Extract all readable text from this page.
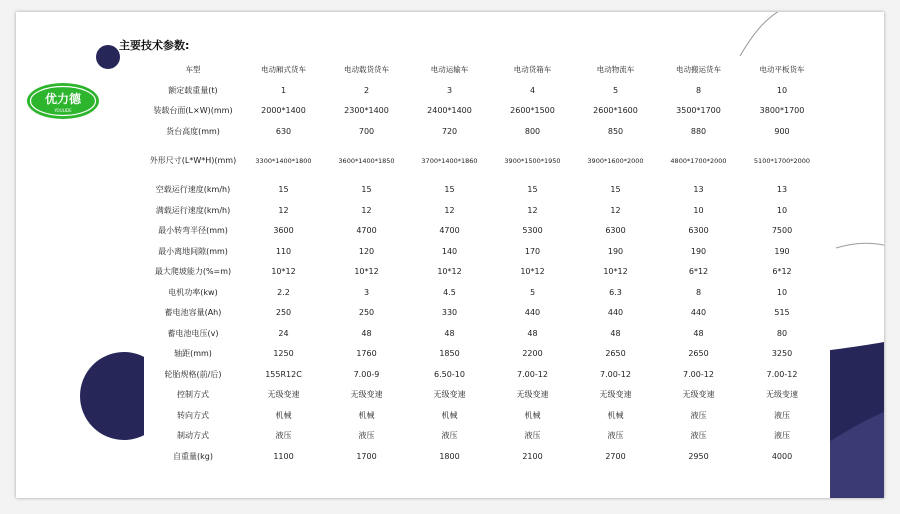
主要技术参数:
优力德
YOULIDE
车型	电动厢式货车	电动载货货车	电动运输车	电动货箱车	电动物流车	电动搬运货车	电动平板货车
额定载重量(t)	1	2	3	4	5	8	10
装载台面(L×W)(mm)	2000*1400	2300*1400	2400*1400	2600*1500	2600*1600	3500*1700	3800*1700
货台高度(mm)	630	700	720	800	850	880	900
外形尺寸(L*W*H)(mm)	3300*1400*1800	3600*1400*1850	3700*1400*1860	3900*1500*1950	3900*1600*2000	4800*1700*2000	5100*1700*2000
空载运行速度(km/h)	15	15	15	15	15	13	13
满载运行速度(km/h)	12	12	12	12	12	10	10
最小转弯半径(mm)	3600	4700	4700	5300	6300	6300	7500
最小离地间隙(mm)	110	120	140	170	190	190	190
最大爬坡能力(%=m)	10*12	10*12	10*12	10*12	10*12	6*12	6*12
电机功率(kw)	2.2	3	4.5	5	6.3	8	10
蓄电池容量(Ah)	250	250	330	440	440	440	515
蓄电池电压(v)	24	48	48	48	48	48	80
轴距(mm)	1250	1760	1850	2200	2650	2650	3250
轮胎规格(前/后)	155R12C	7.00-9	6.50-10	7.00-12	7.00-12	7.00-12	7.00-12
控制方式	无级变速	无级变速	无级变速	无级变速	无级变速	无级变速	无级变速
转向方式	机械	机械	机械	机械	机械	液压	液压
制动方式	液压	液压	液压	液压	液压	液压	液压
自重量(kg)	1100	1700	1800	2100	2700	2950	4000
